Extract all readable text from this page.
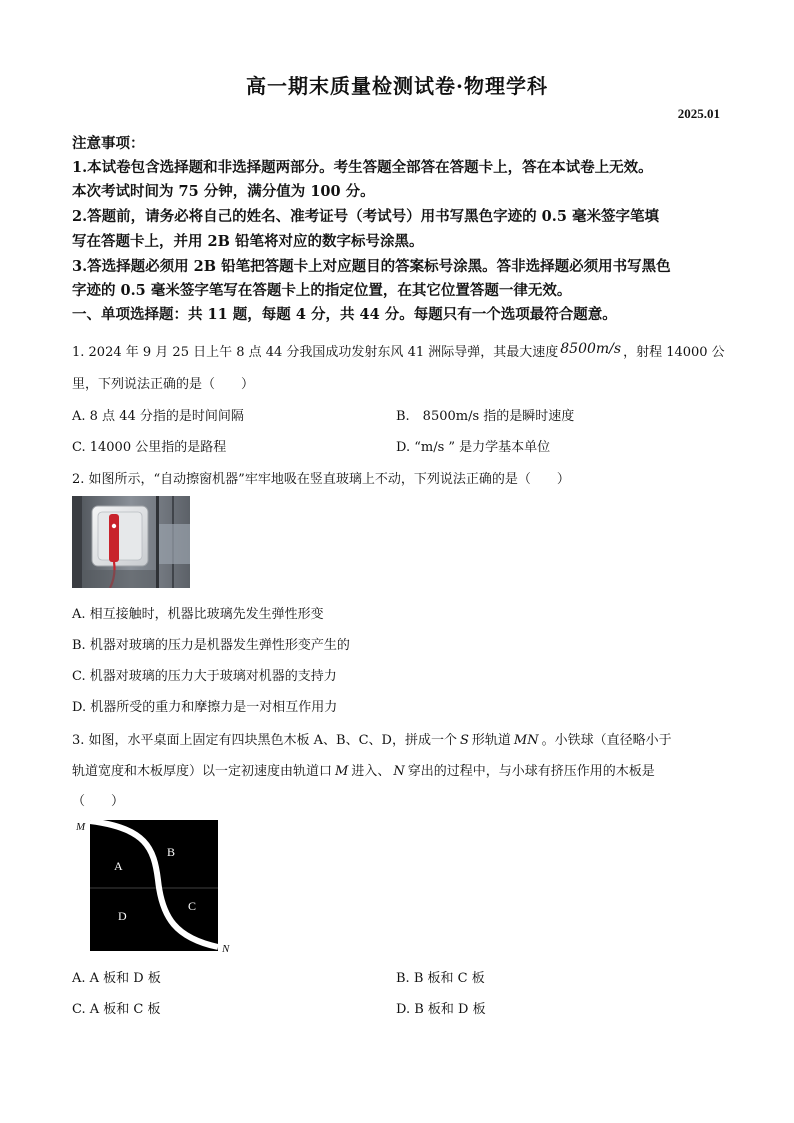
高一期末质量检测试卷·物理学科
2025.01
注意事项：
1.本试卷包含选择题和非选择题两部分。考生答题全部答在答题卡上，答在本试卷上无效。
本次考试时间为 75 分钟，满分值为 100 分。
2.答题前，请务必将自己的姓名、准考证号（考试号）用书写黑色字迹的 0.5 毫米签字笔填
写在答题卡上，并用 2B 铅笔将对应的数字标号涂黑。
3.答选择题必须用 2B 铅笔把答题卡上对应题目的答案标号涂黑。答非选择题必须用书写黑色
字迹的 0.5 毫米签字笔写在答题卡上的指定位置，在其它位置答题一律无效。
一、单项选择题：共 11 题，每题 4 分，共 44 分。每题只有一个选项最符合题意。
1. 2024 年 9 月 25 日上午 8 点 44 分我国成功发射东风 41 洲际导弹，其最大速度 8500m/s ，射程 14000 公
里，下列说法正确的是（　　）
A. 8 点 44 分指的是时间间隔	B.　8500m/s 指的是瞬时速度
C. 14000 公里指的是路程	D. “m/s ” 是力学基本单位
2. 如图所示，“自动擦窗机器”牢牢地吸在竖直玻璃上不动，下列说法正确的是（　　）
A. 相互接触时，机器比玻璃先发生弹性形变
B. 机器对玻璃的压力是机器发生弹性形变产生的
C. 机器对玻璃的压力大于玻璃对机器的支持力
D. 机器所受的重力和摩擦力是一对相互作用力
3. 如图，水平桌面上固定有四块黑色木板 A、B、C、D，拼成一个 S 形轨道 MN 。小铁球（直径略小于
轨道宽度和木板厚度）以一定初速度由轨道口 M 进入、 N 穿出的过程中，与小球有挤压作用的木板是
（　　）
M
N
A
B
C
D
A. A 板和 D 板	B. B 板和 C 板
C. A 板和 C 板	D. B 板和 D 板
